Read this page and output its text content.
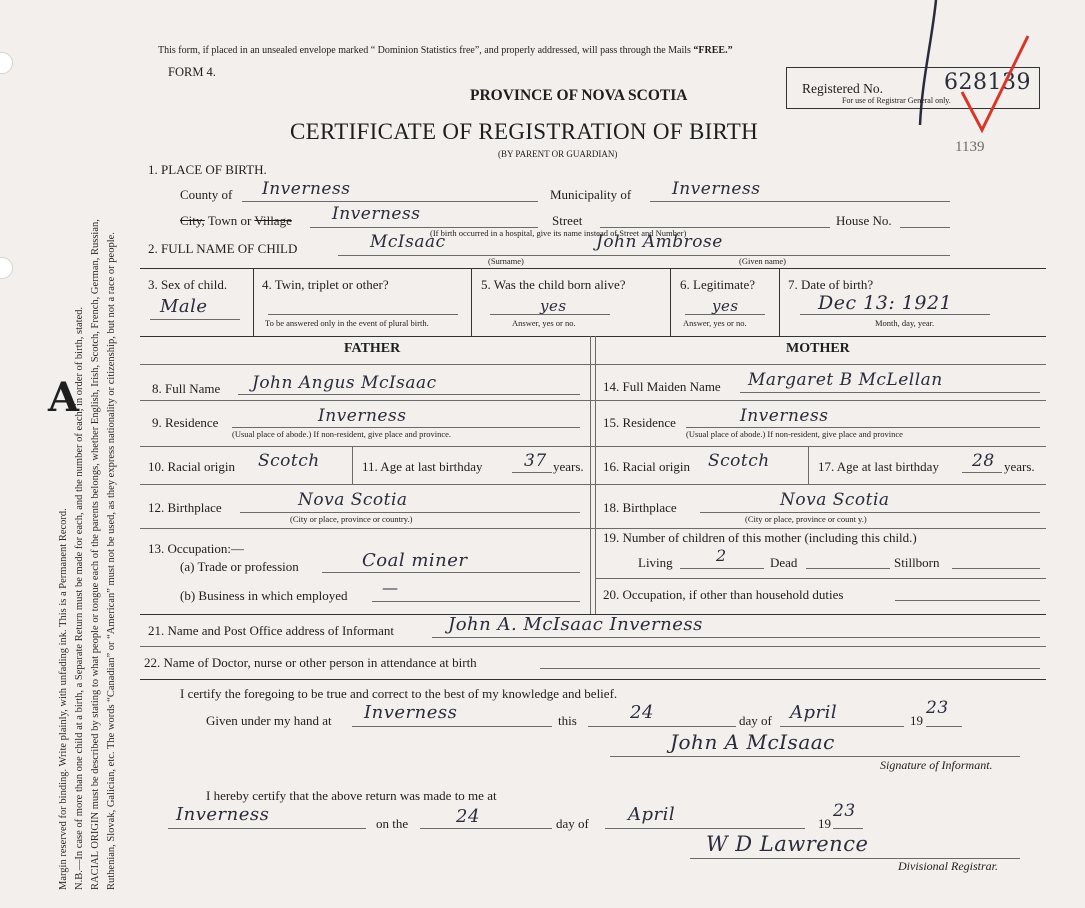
Margin reserved for binding. Write plainly, with unfading ink. This is a Permanent Record. N.B.—In case of more than one child at a birth, a Separate Return must be made for each, and the number of each, in order of birth, stated. RACIAL ORIGIN must be described by stating to what people or tongue each of the parents belongs, whether English, Irish, Scotch, French, German, Russian, Ruthenian, Slovak, Galician, etc. The words “Canadian” or “American” must not be used, as they express nationality or citizenship, but not a race or people.
A
This form, if placed in an unsealed envelope marked “ Dominion Statistics free”, and properly addressed, will pass through the Mails “FREE.”
FORM 4.
Registered No.	628139
For use of Registrar General only.
PROVINCE OF NOVA SCOTIA
CERTIFICATE OF REGISTRATION OF BIRTH
(BY PARENT OR GUARDIAN)	1139
1. PLACE OF BIRTH.
County of Inverness	Municipality of Inverness
City, Town or Village Inverness	Street	House No.
(If birth occurred in a hospital, give its name instead of Street and Number)
2. FULL NAME OF CHILD	McIsaac	John Ambrose
(Surname)	(Given name)
3. Sex of child.
Male
4. Twin, triplet or other?
To be answered only in the event of plural birth.
5. Was the child born alive?
yes
Answer, yes or no.
6. Legitimate?
yes
Answer, yes or no.
7. Date of birth?
Dec 13: 1921
Month, day, year.
FATHER	MOTHER
8. Full Name John Angus McIsaac
9. Residence	Inverness
(Usual place of abode.) If non-resident, give place and province.
10. Racial origin Scotch	11. Age at last birthday 37 years.
12. Birthplace	Nova Scotia
(City or place, province or country.)
13. Occupation:—
(a) Trade or profession	Coal miner
(b) Business in which employed —
14. Full Maiden Name Margaret B McLellan
15. Residence	Inverness
(Usual place of abode.) If non-resident, give place and province
16. Racial origin Scotch	17. Age at last birthday 28 years.
18. Birthplace	Nova Scotia
(City or place, province or count y.)
19. Number of children of this mother (including this child.)
Living	2	Dead	Stillborn
20. Occupation, if other than household duties
21. Name and Post Office address of Informant	John A. McIsaac Inverness
22. Name of Doctor, nurse or other person in attendance at birth
I certify the foregoing to be true and correct to the best of my knowledge and belief.
Given under my hand at Inverness	this	24	day of April	19
23
John A McIsaac
Signature of Informant.
I hereby certify that the above return was made to me at
Inverness	on the	24	day of April	19
23
W D Lawrence
Divisional Registrar.
